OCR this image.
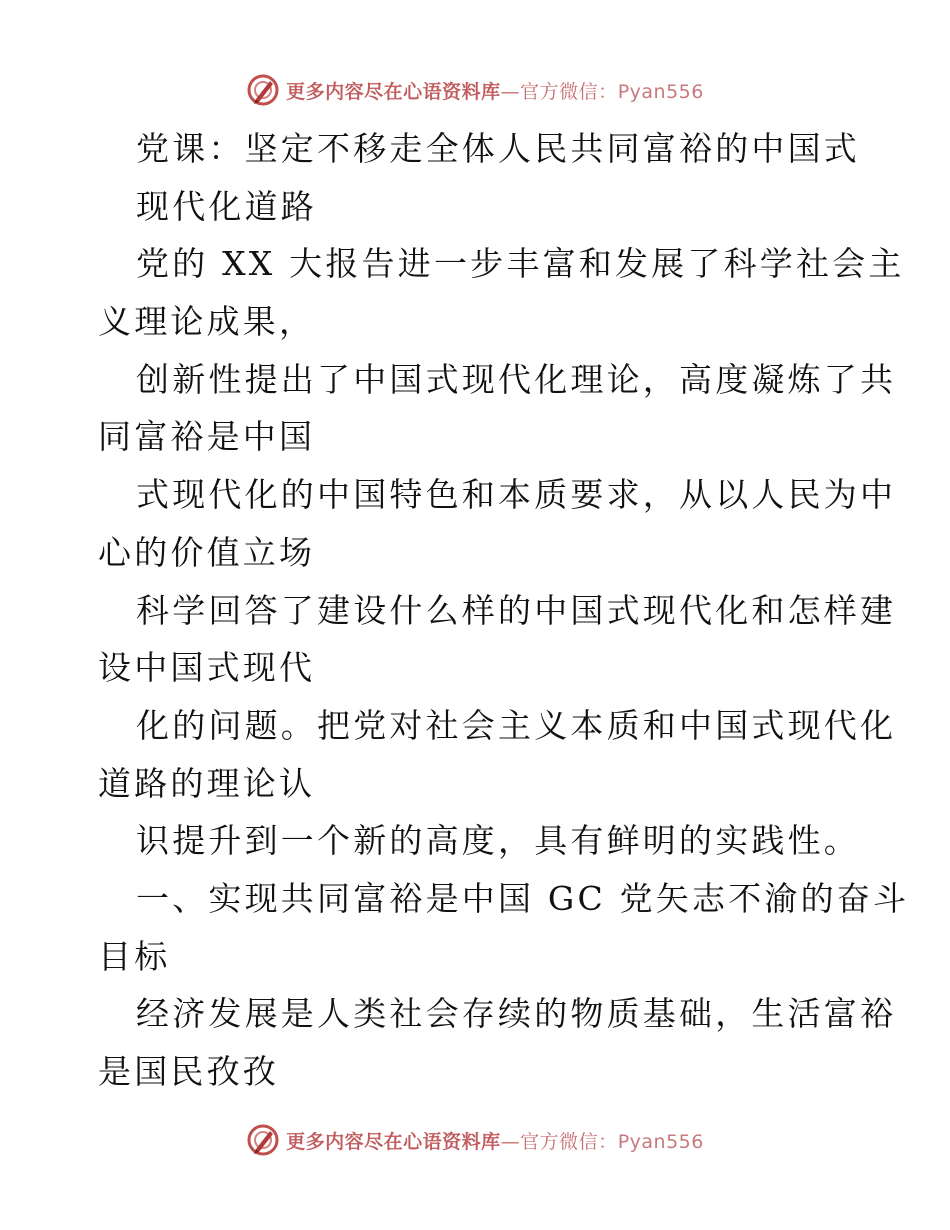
更多内容尽在心语资料库—官方微信：Pyan556
党课：坚定不移走全体人民共同富裕的中国式
现代化道路
党的 XX 大报告进一步丰富和发展了科学社会主
义理论成果，
创新性提出了中国式现代化理论，高度凝炼了共
同富裕是中国
式现代化的中国特色和本质要求，从以人民为中
心的价值立场
科学回答了建设什么样的中国式现代化和怎样建
设中国式现代
化的问题。把党对社会主义本质和中国式现代化
道路的理论认
识提升到一个新的高度，具有鲜明的实践性。
一、实现共同富裕是中国 GC 党矢志不渝的奋斗
目标
经济发展是人类社会存续的物质基础，生活富裕
是国民孜孜
更多内容尽在心语资料库—官方微信：Pyan556
